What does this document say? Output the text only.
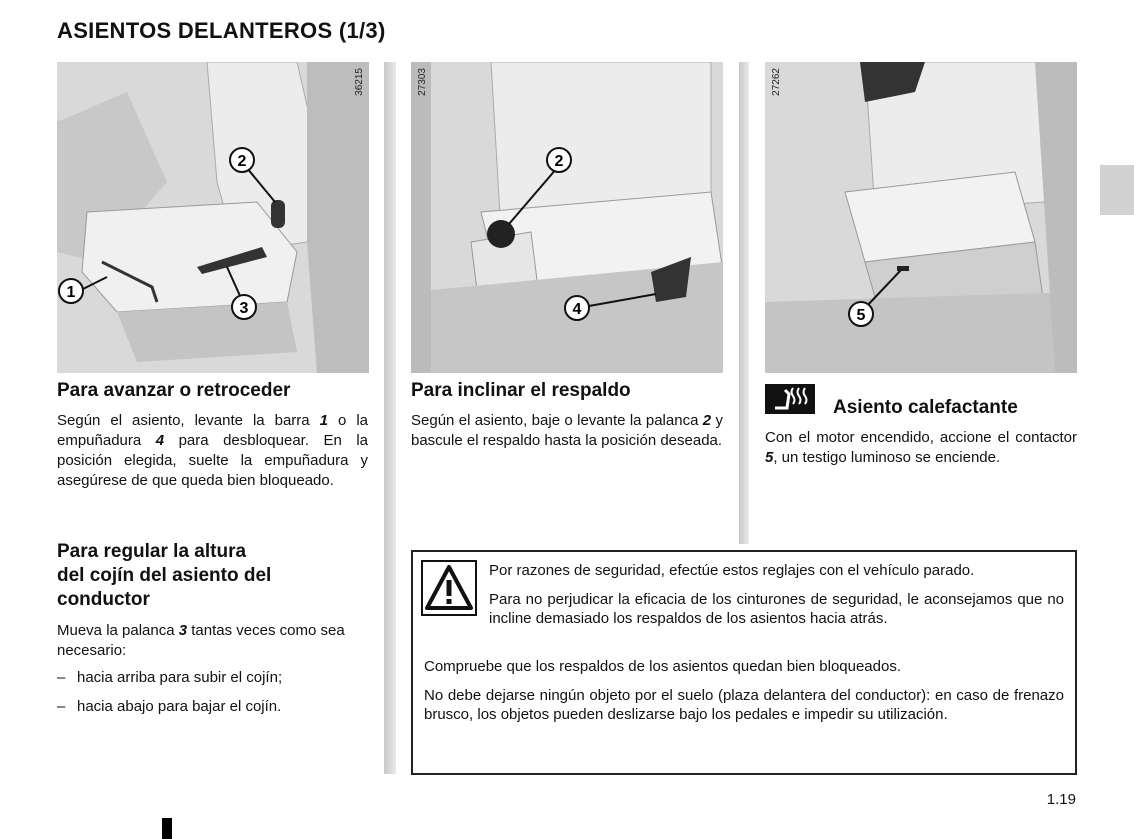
ASIENTOS DELANTEROS (1/3)
2
3
1
36215
2
4
27303
5
27262
Para avanzar o retroceder

Según el asiento, levante la barra 1 o la empuñadura 4 para desbloquear. En la posición elegida, suelte la empuñadura y asegúrese de que queda bien bloqueado.

Para regular la altura
del cojín del asiento del
conductor

Mueva la palanca 3 tantas veces como sea necesario:

– hacia arriba para subir el cojín;
– hacia abajo para bajar el cojín.
Para inclinar el respaldo

Según el asiento, baje o levante la palanca 2 y bascule el respaldo hasta la posición deseada.

Asiento calefactante

Con el motor encendido, accione el contactor 5, un testigo luminoso se enciende.

Por razones de seguridad, efectúe estos reglajes con el vehículo parado.

Para no perjudicar la eficacia de los cinturones de seguridad, le aconsejamos que no incline demasiado los respaldos de los asientos hacia atrás.

Compruebe que los respaldos de los asientos quedan bien bloqueados.

No debe dejarse ningún objeto por el suelo (plaza delantera del conductor): en caso de frenazo brusco, los objetos pueden deslizarse bajo los pedales e impedir su utilización.

1.19
